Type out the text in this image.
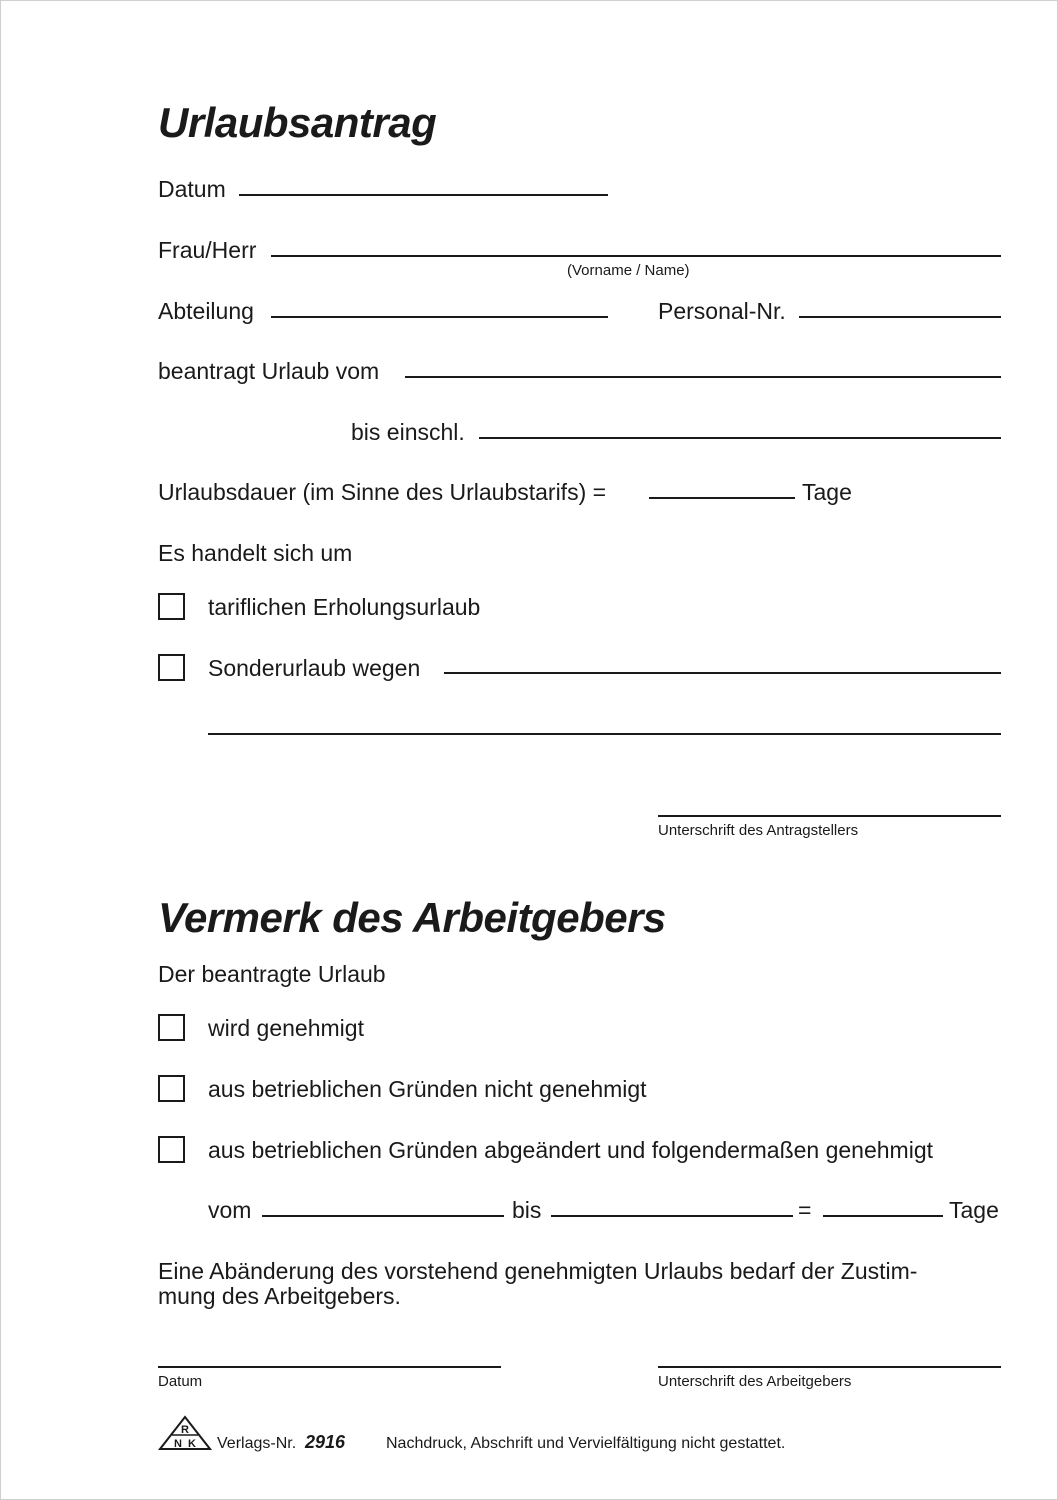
Urlaubsantrag
Datum
Frau/Herr
(Vorname / Name)
Abteilung	Personal-Nr.
beantragt Urlaub vom
bis einschl.
Urlaubsdauer (im Sinne des Urlaubstarifs) =	Tage
Es handelt sich um
tariflichen Erholungsurlaub
Sonderurlaub wegen
Unterschrift des Antragstellers
Vermerk des Arbeitgebers
Der beantragte Urlaub
wird genehmigt
aus betrieblichen Gründen nicht genehmigt
aus betrieblichen Gründen abgeändert und folgendermaßen genehmigt
vom	bis	=	Tage
Eine Abänderung des vorstehend genehmigten Urlaubs bedarf der Zustim-
mung des Arbeitgebers.
Datum	Unterschrift des Arbeitgebers
R
N K Verlags-Nr. 2916	Nachdruck, Abschrift und Vervielfältigung nicht gestattet.
